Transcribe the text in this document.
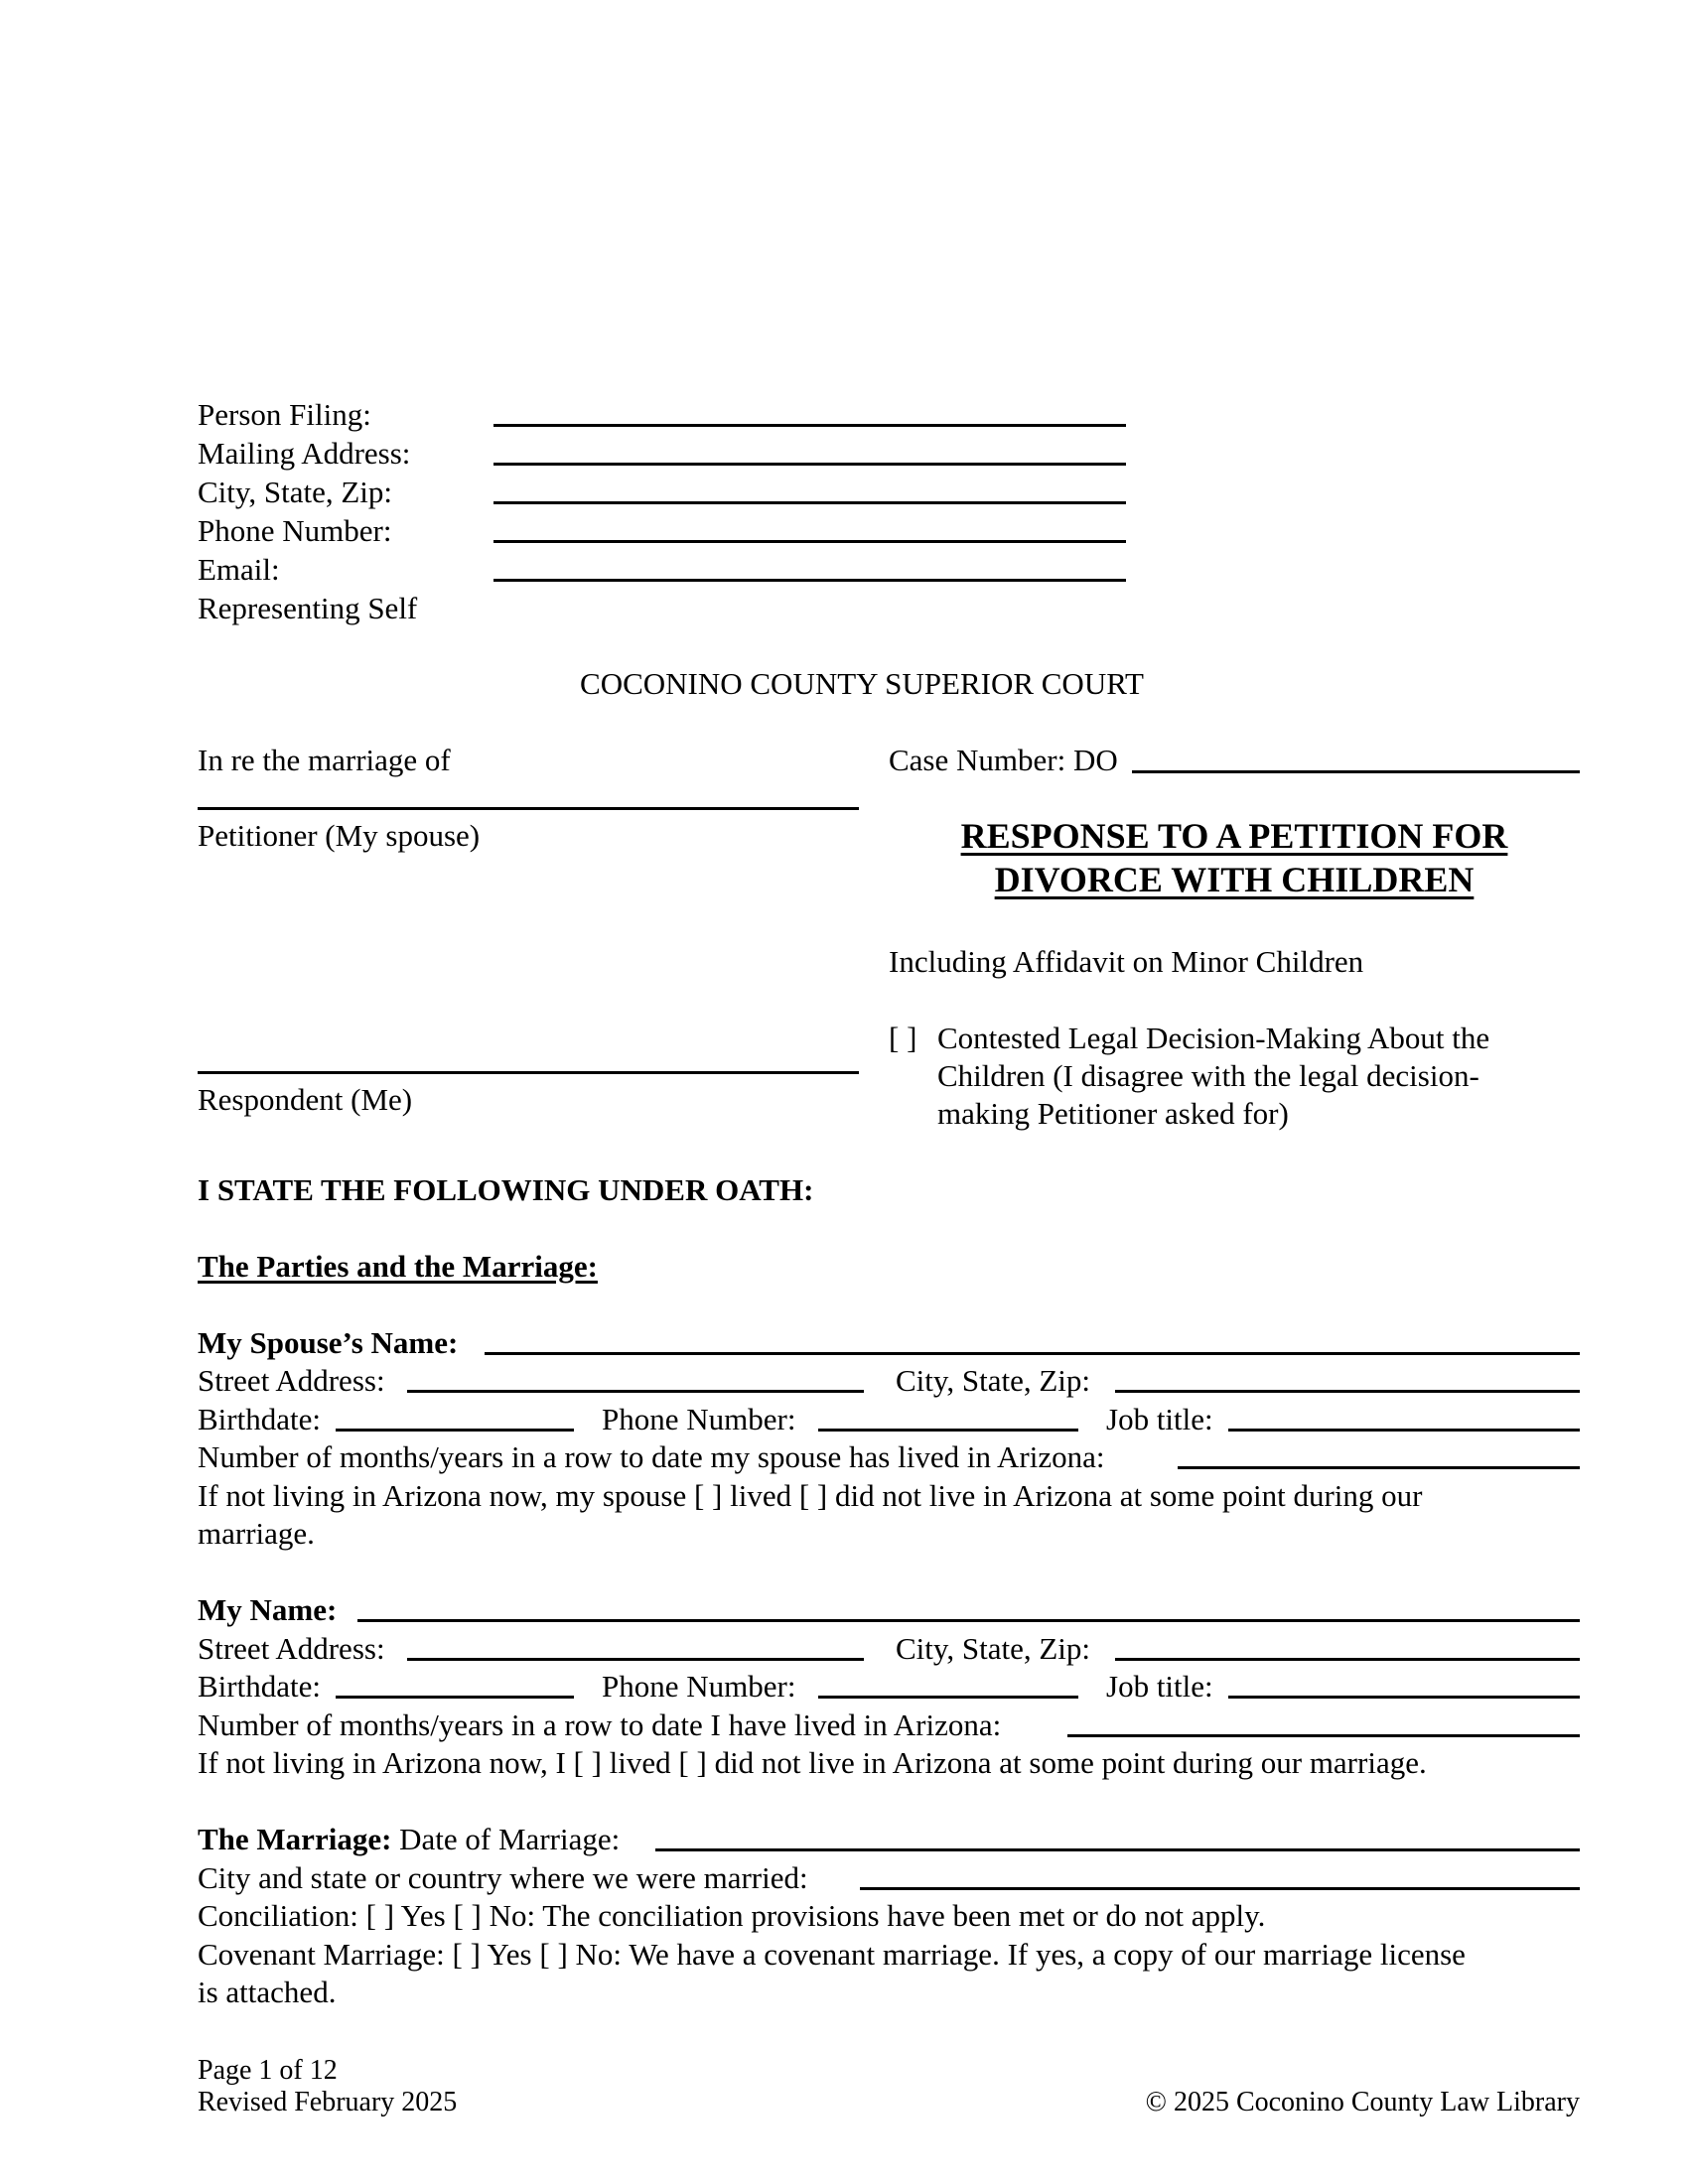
Person Filing:
Mailing Address:
City, State, Zip:
Phone Number:
Email:
Representing Self
COCONINO COUNTY SUPERIOR COURT
In re the marriage of
Petitioner (My spouse)
Respondent (Me)
Case Number: DO
RESPONSE TO A PETITION FOR
DIVORCE WITH CHILDREN
Including Affidavit on Minor Children
[ ] Contested Legal Decision-Making About the
Children (I disagree with the legal decision-
making Petitioner asked for)
I STATE THE FOLLOWING UNDER OATH:
The Parties and the Marriage:
My Spouse’s Name:
Street Address:	City, State, Zip:
Birthdate:	Phone Number:	Job title:
Number of months/years in a row to date my spouse has lived in Arizona:
If not living in Arizona now, my spouse [ ] lived [ ] did not live in Arizona at some point during our
marriage.
My Name:
Street Address:	City, State, Zip:
Birthdate:	Phone Number:	Job title:
Number of months/years in a row to date I have lived in Arizona:
If not living in Arizona now, I [ ] lived [ ] did not live in Arizona at some point during our marriage.
The Marriage: Date of Marriage:
City and state or country where we were married:
Conciliation: [ ] Yes [ ] No: The conciliation provisions have been met or do not apply.
Covenant Marriage: [ ] Yes [ ] No: We have a covenant marriage. If yes, a copy of our marriage license
is attached.
Page 1 of 12
Revised February 2025	© 2025 Coconino County Law Library
